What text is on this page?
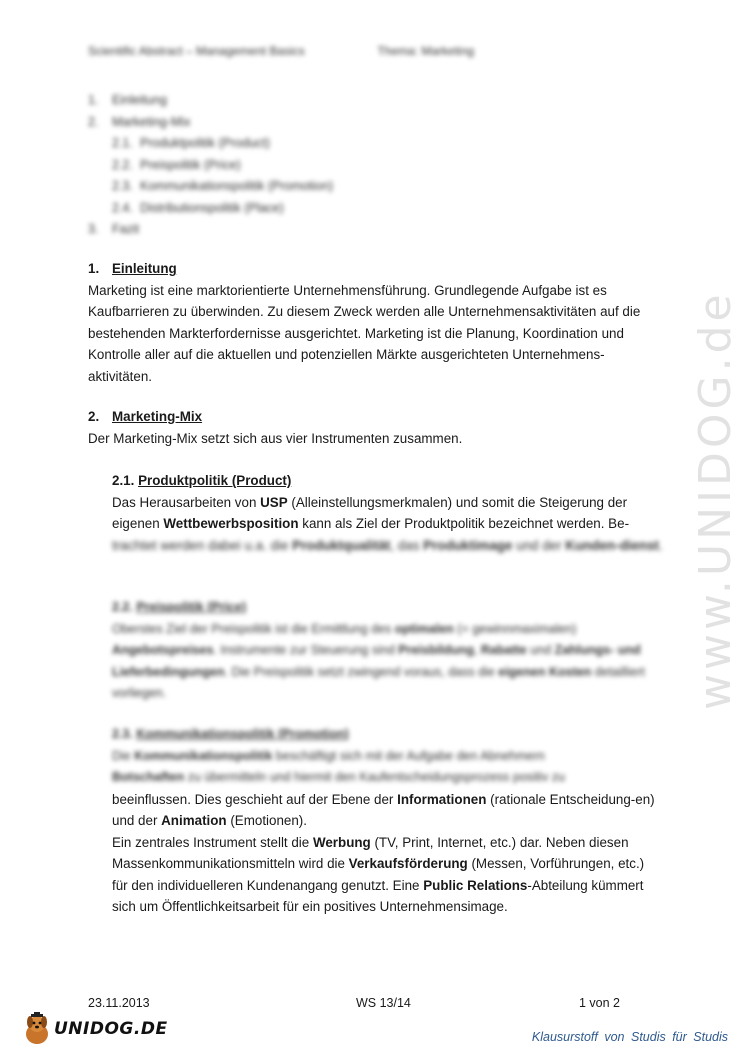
Scientific Abstract – Management Basics	Thema: Marketing
1. Einleitung
2. Marketing-Mix
2.1. Produktpolitik (Product)
2.2. Preispolitik (Price)
2.3. Kommunikationspolitik (Promotion)
2.4. Distributionspolitik (Place)
3. Fazit
1. Einleitung

Marketing ist eine marktorientierte Unternehmensführung. Grundlegende Aufgabe ist es Kaufbarrieren zu überwinden. Zu diesem Zweck werden alle Unternehmensaktivitäten auf die bestehenden Markterfordernisse ausgerichtet. Marketing ist die Planung, Koordination und Kontrolle aller auf die aktuellen und potenziellen Märkte ausgerichteten Unternehmens-aktivitäten.

2. Marketing-Mix

Der Marketing-Mix setzt sich aus vier Instrumenten zusammen.

2.1. Produktpolitik (Product)

Das Herausarbeiten von USP (Alleinstellungsmerkmalen) und somit die Steigerung der eigenen Wettbewerbsposition kann als Ziel der Produktpolitik bezeichnet werden. Be-

trachtet werden dabei u.a. die Produktqualität, das Produktimage und der Kunden-dienst.

2.2. Preispolitik (Price)

Oberstes Ziel der Preispolitik ist die Ermittlung des optimalen (= gewinnmaximalen) Angebotspreises. Instrumente zur Steuerung sind Preisbildung, Rabatte und Zahlungs- und Lieferbedingungen. Die Preispolitik setzt zwingend voraus, dass die eigenen Kosten detailliert vorliegen.

2.3. Kommunikationspolitik (Promotion)

Die Kommunikationspolitik beschäftigt sich mit der Aufgabe den Abnehmern
Botschaften zu übermitteln und hiermit den Kaufentscheidungsprozess positiv zu

beeinflussen. Dies geschieht auf der Ebene der Informationen (rationale Entscheidung-en) und der Animation (Emotionen).

Ein zentrales Instrument stellt die Werbung (TV, Print, Internet, etc.) dar. Neben diesen Massenkommunikationsmitteln wird die Verkaufsförderung (Messen, Vorführungen, etc.) für den individuelleren Kundenangang genutzt. Eine Public Relations-Abteilung kümmert sich um Öffentlichkeitsarbeit für ein positives Unternehmensimage.

www.UNIDOG.de
23.11.2013	WS 13/14	1 von 2
UNIDOG.DE	Klausurstoff von Studis für Studis
